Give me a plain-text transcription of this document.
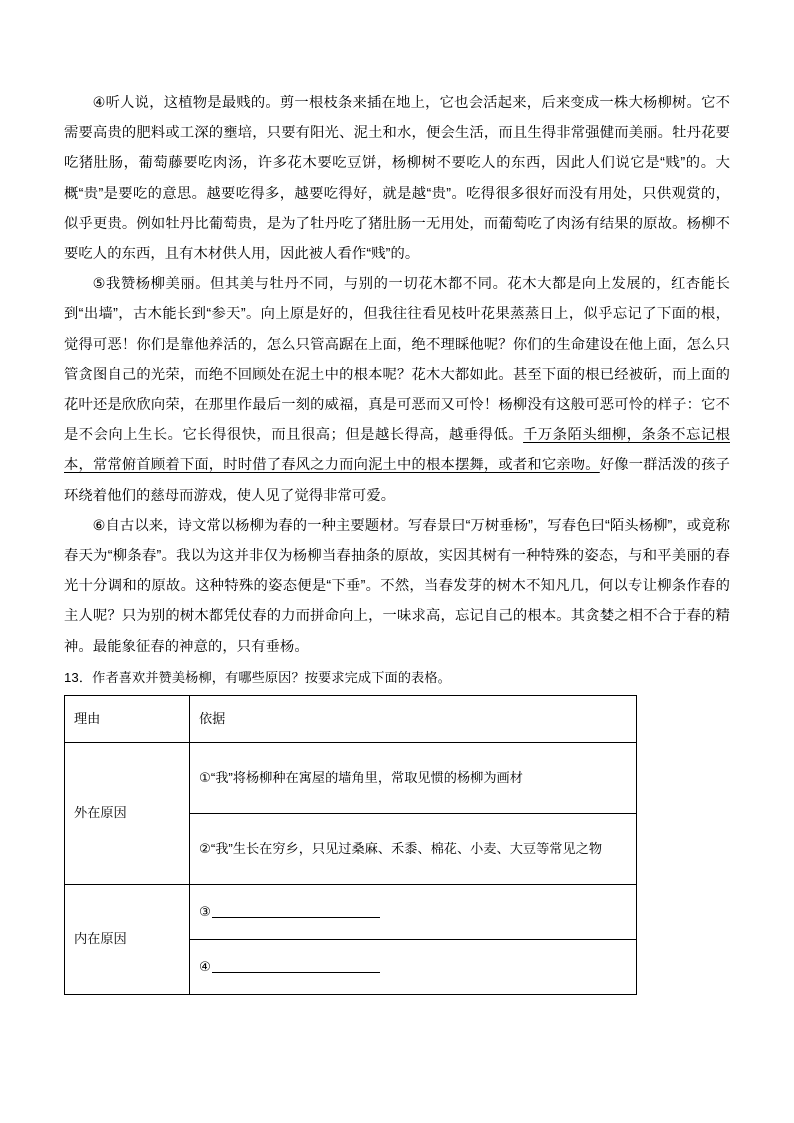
④听人说，这植物是最贱的。剪一根枝条来插在地上，它也会活起来，后来变成一株大杨柳树。它不需要高贵的肥料或工深的壅培，只要有阳光、泥土和水，便会生活，而且生得非常强健而美丽。牡丹花要吃猪肚肠，葡萄藤要吃肉汤，许多花木要吃豆饼，杨柳树不要吃人的东西，因此人们说它是“贱”的。大概“贵”是要吃的意思。越要吃得多，越要吃得好，就是越“贵”。吃得很多很好而没有用处，只供观赏的，似乎更贵。例如牡丹比葡萄贵，是为了牡丹吃了猪肚肠一无用处，而葡萄吃了肉汤有结果的原故。杨柳不要吃人的东西，且有木材供人用，因此被人看作“贱”的。

⑤我赞杨柳美丽。但其美与牡丹不同，与别的一切花木都不同。花木大都是向上发展的，红杏能长到“出墙”，古木能长到“参天”。向上原是好的，但我往往看见枝叶花果蒸蒸日上，似乎忘记了下面的根，觉得可恶！你们是靠他养活的，怎么只管高踞在上面，绝不理睬他呢？你们的生命建设在他上面，怎么只管贪图自己的光荣，而绝不回顾处在泥土中的根本呢？花木大都如此。甚至下面的根已经被斫，而上面的花叶还是欣欣向荣，在那里作最后一刻的威福，真是可恶而又可怜！杨柳没有这般可恶可怜的样子：它不是不会向上生长。它长得很快，而且很高；但是越长得高，越垂得低。千万条陌头细柳，条条不忘记根本，常常俯首顾着下面，时时借了春风之力而向泥土中的根本摆舞，或者和它亲吻。好像一群活泼的孩子环绕着他们的慈母而游戏，使人见了觉得非常可爱。

⑥自古以来，诗文常以杨柳为春的一种主要题材。写春景曰“万树垂杨”，写春色曰“陌头杨柳”，或竟称春天为“柳条春”。我以为这并非仅为杨柳当春抽条的原故，实因其树有一种特殊的姿态，与和平美丽的春光十分调和的原故。这种特殊的姿态便是“下垂”。不然，当春发芽的树木不知凡几，何以专让柳条作春的主人呢？只为别的树木都凭仗春的力而拼命向上，一味求高，忘记自己的根本。其贪婪之相不合于春的精神。最能象征春的神意的，只有垂杨。

13．作者喜欢并赞美杨柳，有哪些原因？按要求完成下面的表格。

理由	依据
外在原因	①“我”将杨柳种在寓屋的墙角里，常取见惯的杨柳为画材
	②“我”生长在穷乡，只见过桑麻、禾黍、棉花、小麦、大豆等常见之物
内在原因	③
	④
